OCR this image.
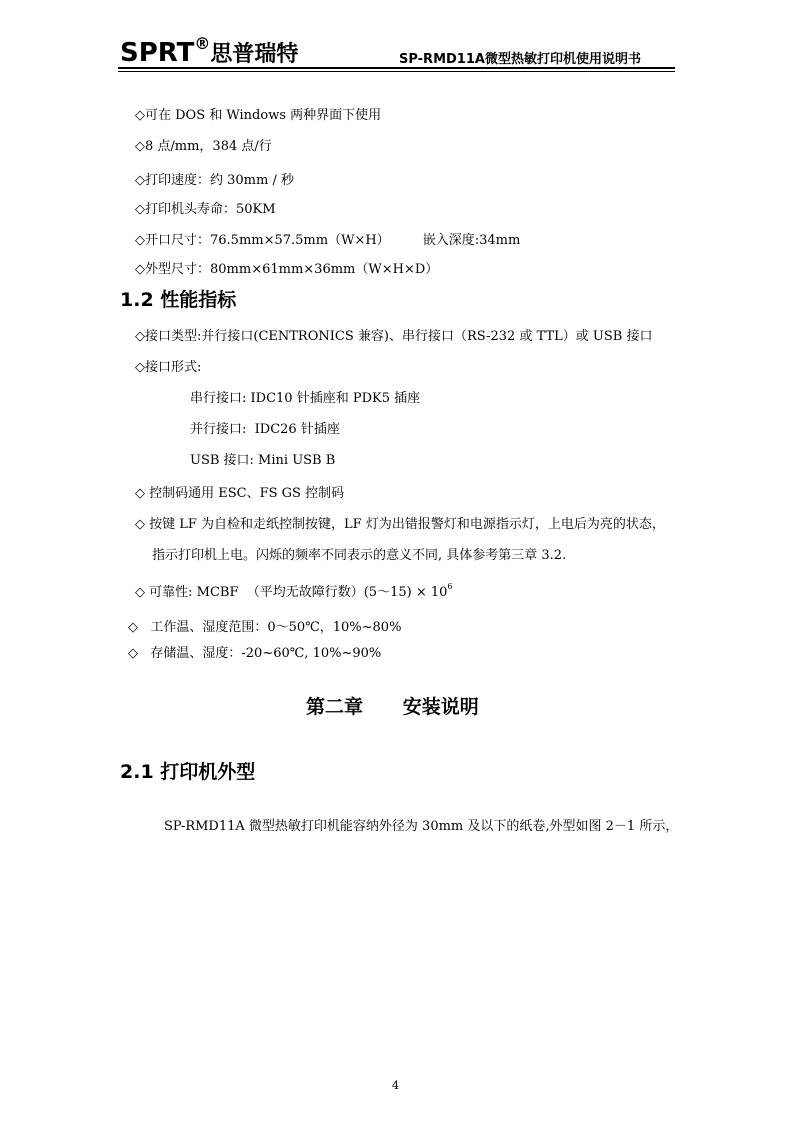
SPRT®思普瑞特	SP-RMD11A微型热敏打印机使用说明书
◇可在 DOS 和 Windows 两种界面下使用
◇8 点/mm，384 点/行
◇打印速度：约 30mm / 秒
◇打印机头寿命：50KM
◇开口尺寸：76.5mm×57.5mm（W×H）        嵌入深度:34mm
◇外型尺寸：80mm×61mm×36mm（W×H×D）
1.2 性能指标
◇接口类型:并行接口(CENTRONICS 兼容)、串行接口（RS-232 或 TTL）或 USB 接口
◇接口形式:
串行接口: IDC10 针插座和 PDK5 插座
并行接口:  IDC26 针插座
USB 接口: Mini USB B
◇ 控制码通用 ESC、FS GS 控制码
◇ 按键 LF 为自检和走纸控制按键，LF 灯为出错报警灯和电源指示灯，上电后为亮的状态，
指示打印机上电。闪烁的频率不同表示的意义不同, 具体参考第三章 3.2.
◇ 可靠性: MCBF  （平均无故障行数）(5～15) × $10^6$
◇   工作温、湿度范围：0～50℃，10%~80%
◇   存储温、湿度：-20~60℃, 10%~90%
第二章      安装说明
2.1 打印机外型
SP-RMD11A 微型热敏打印机能容纳外径为 30mm 及以下的纸卷,外型如图 2－1 所示，
4
